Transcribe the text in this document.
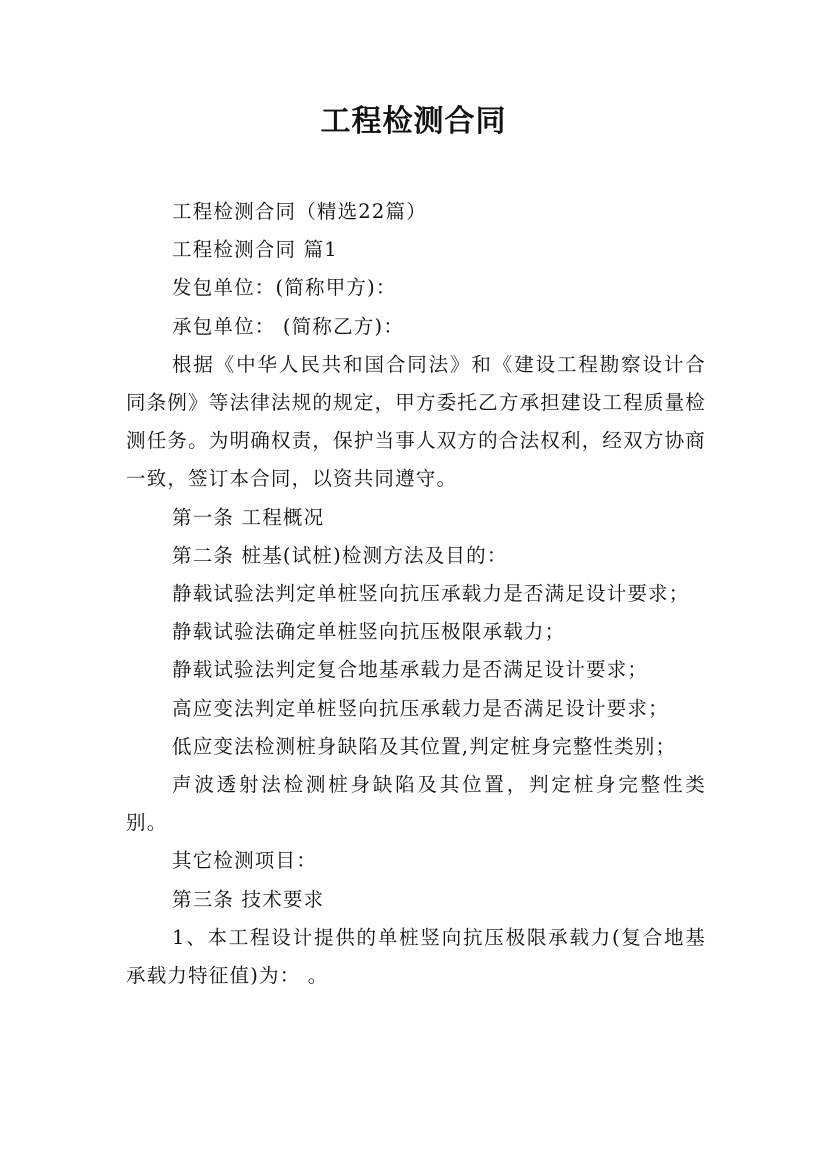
工程检测合同

工程检测合同（精选22篇）

工程检测合同 篇1

发包单位：(简称甲方)：

承包单位： (简称乙方)：

根据《中华人民共和国合同法》和《建设工程勘察设计合同条例》等法律法规的规定，甲方委托乙方承担建设工程质量检测任务。为明确权责，保护当事人双方的合法权利，经双方协商一致，签订本合同，以资共同遵守。

第一条 工程概况

第二条 桩基(试桩)检测方法及目的：

静载试验法判定单桩竖向抗压承载力是否满足设计要求；

静载试验法确定单桩竖向抗压极限承载力；

静载试验法判定复合地基承载力是否满足设计要求；

高应变法判定单桩竖向抗压承载力是否满足设计要求；

低应变法检测桩身缺陷及其位置,判定桩身完整性类别；

声波透射法检测桩身缺陷及其位置，判定桩身完整性类别。

其它检测项目：

第三条 技术要求

1、本工程设计提供的单桩竖向抗压极限承载力(复合地基承载力特征值)为： 。
